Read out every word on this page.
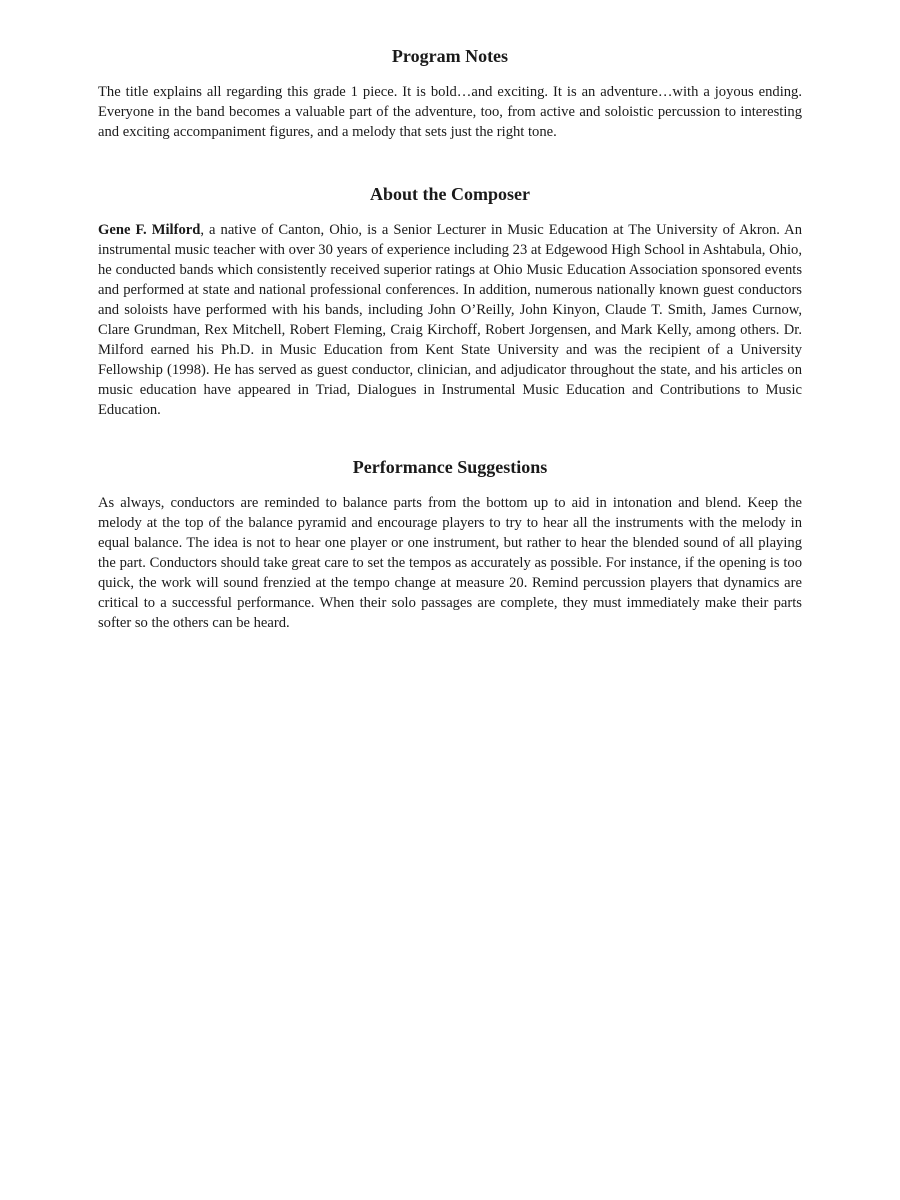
Program Notes

The title explains all regarding this grade 1 piece. It is bold…and exciting. It is an adventure…with a joyous ending. Everyone in the band becomes a valuable part of the adventure, too, from active and soloistic percussion to interesting and exciting accompaniment figures, and a melody that sets just the right tone.

About the Composer

Gene F. Milford, a native of Canton, Ohio, is a Senior Lecturer in Music Education at The University of Akron. An instrumental music teacher with over 30 years of experience including 23 at Edgewood High School in Ashtabula, Ohio, he conducted bands which consistently received superior ratings at Ohio Music Education Association sponsored events and performed at state and national professional conferences. In addition, numerous nationally known guest conductors and soloists have performed with his bands, including John O’Reilly, John Kinyon, Claude T. Smith, James Curnow, Clare Grundman, Rex Mitchell, Robert Fleming, Craig Kirchoff, Robert Jorgensen, and Mark Kelly, among others. Dr. Milford earned his Ph.D. in Music Education from Kent State University and was the recipient of a University Fellowship (1998). He has served as guest conductor, clinician, and adjudicator throughout the state, and his articles on music education have appeared in Triad, Dialogues in Instrumental Music Education and Contributions to Music Education.

Performance Suggestions

As always, conductors are reminded to balance parts from the bottom up to aid in intonation and blend. Keep the melody at the top of the balance pyramid and encourage players to try to hear all the instruments with the melody in equal balance. The idea is not to hear one player or one instrument, but rather to hear the blended sound of all playing the part. Conductors should take great care to set the tempos as accurately as possible. For instance, if the opening is too quick, the work will sound frenzied at the tempo change at measure 20. Remind percussion players that dynamics are critical to a successful performance. When their solo passages are complete, they must immediately make their parts softer so the others can be heard.
